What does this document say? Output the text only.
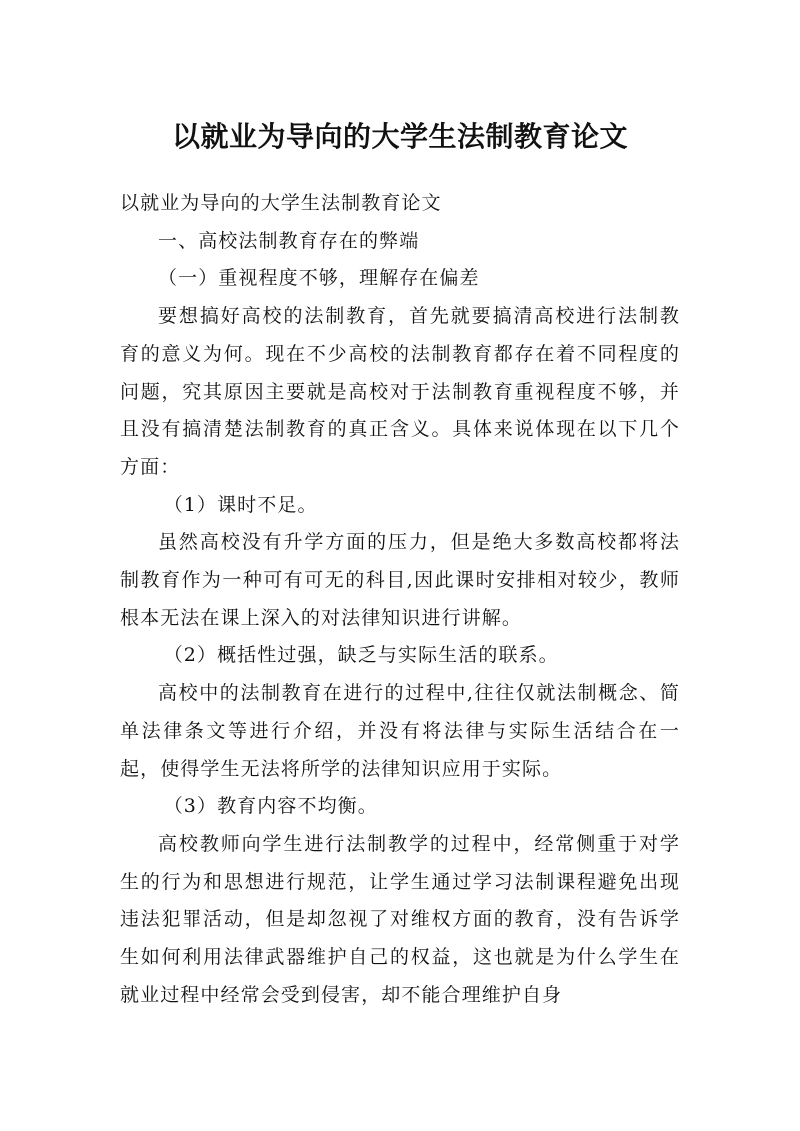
以就业为导向的大学生法制教育论文

以就业为导向的大学生法制教育论文

一、高校法制教育存在的弊端

（一）重视程度不够，理解存在偏差

要想搞好高校的法制教育，首先就要搞清高校进行法制教育的意义为何。现在不少高校的法制教育都存在着不同程度的问题，究其原因主要就是高校对于法制教育重视程度不够，并且没有搞清楚法制教育的真正含义。具体来说体现在以下几个方面：

（1）课时不足。

虽然高校没有升学方面的压力，但是绝大多数高校都将法制教育作为一种可有可无的科目,因此课时安排相对较少，教师根本无法在课上深入的对法律知识进行讲解。

（2）概括性过强，缺乏与实际生活的联系。

高校中的法制教育在进行的过程中,往往仅就法制概念、简单法律条文等进行介绍，并没有将法律与实际生活结合在一起，使得学生无法将所学的法律知识应用于实际。

（3）教育内容不均衡。

高校教师向学生进行法制教学的过程中，经常侧重于对学生的行为和思想进行规范，让学生通过学习法制课程避免出现违法犯罪活动，但是却忽视了对维权方面的教育，没有告诉学生如何利用法律武器维护自己的权益，这也就是为什么学生在就业过程中经常会受到侵害，却不能合理维护自身
